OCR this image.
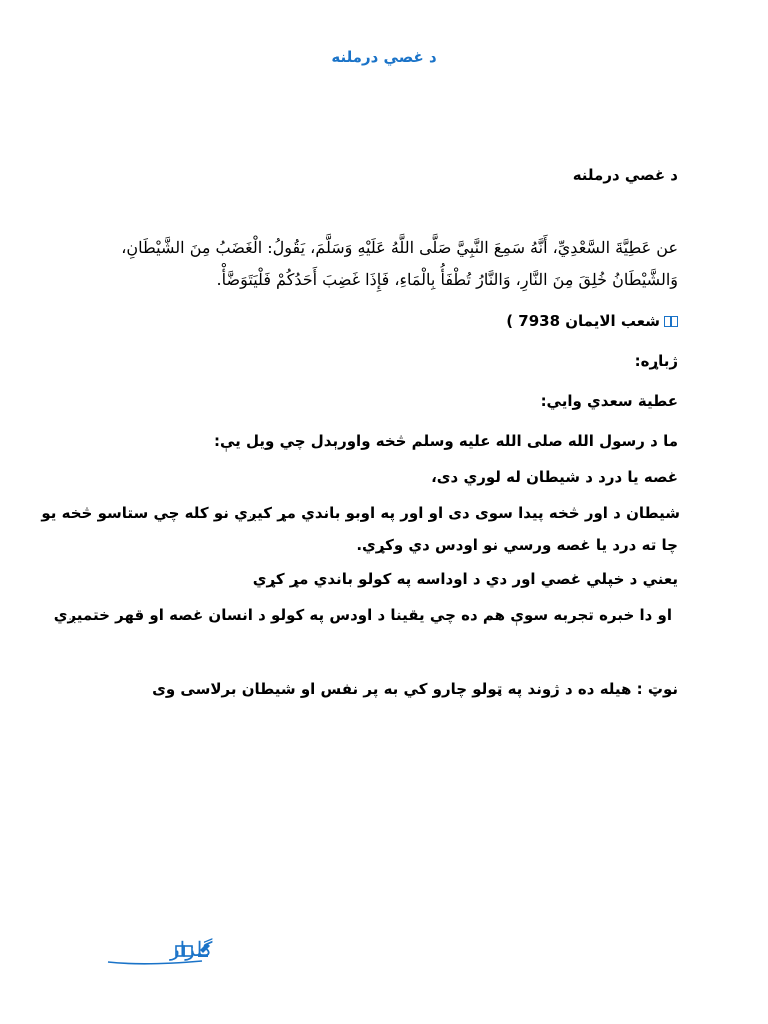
د غصي درملنه
د غصي درملنه
عن عَطِيَّةَ السَّعْدِيِّ، أَنَّهُ سَمِعَ النَّبِيَّ صَلَّى اللَّهُ عَلَيْهِ وَسَلَّمَ، يَقُولُ: الْغَضَبُ مِنَ الشَّيْطَانِ،
وَالشَّيْطَانُ خُلِقَ مِنَ النَّارِ، وَالنَّارُ تُطْفَأُ بِالْمَاءِ، فَإِذَا غَضِبَ أَحَدُكُمْ فَلْيَتَوَضَّأْ.
شعب الایمان 7938 )
ژباړه:
عطية سعدي وايي:
ما د رسول الله صلی الله علیه وسلم څخه واورېدل چي ویل یې:
غصه یا درد د شیطان له لوري دی،
شیطان د اور څخه پیدا سوی دی او اور په اوبو باندي مړ کیږي نو کله چي ستاسو څخه یو
چا ته درد یا غصه ورسي نو اودس دي وکړي.
یعني د خپلي غصي اور دي د اوداسه په کولو باندي مړ کړي
او دا خبره تجربه سوې هم ده چي یقینا د اودس په کولو د انسان غصه او قهر ختمیږي
نوټ : هیله ده د ژوند په ټولو چارو کي به پر نفس او شیطان برلاسی وی
گلزار
